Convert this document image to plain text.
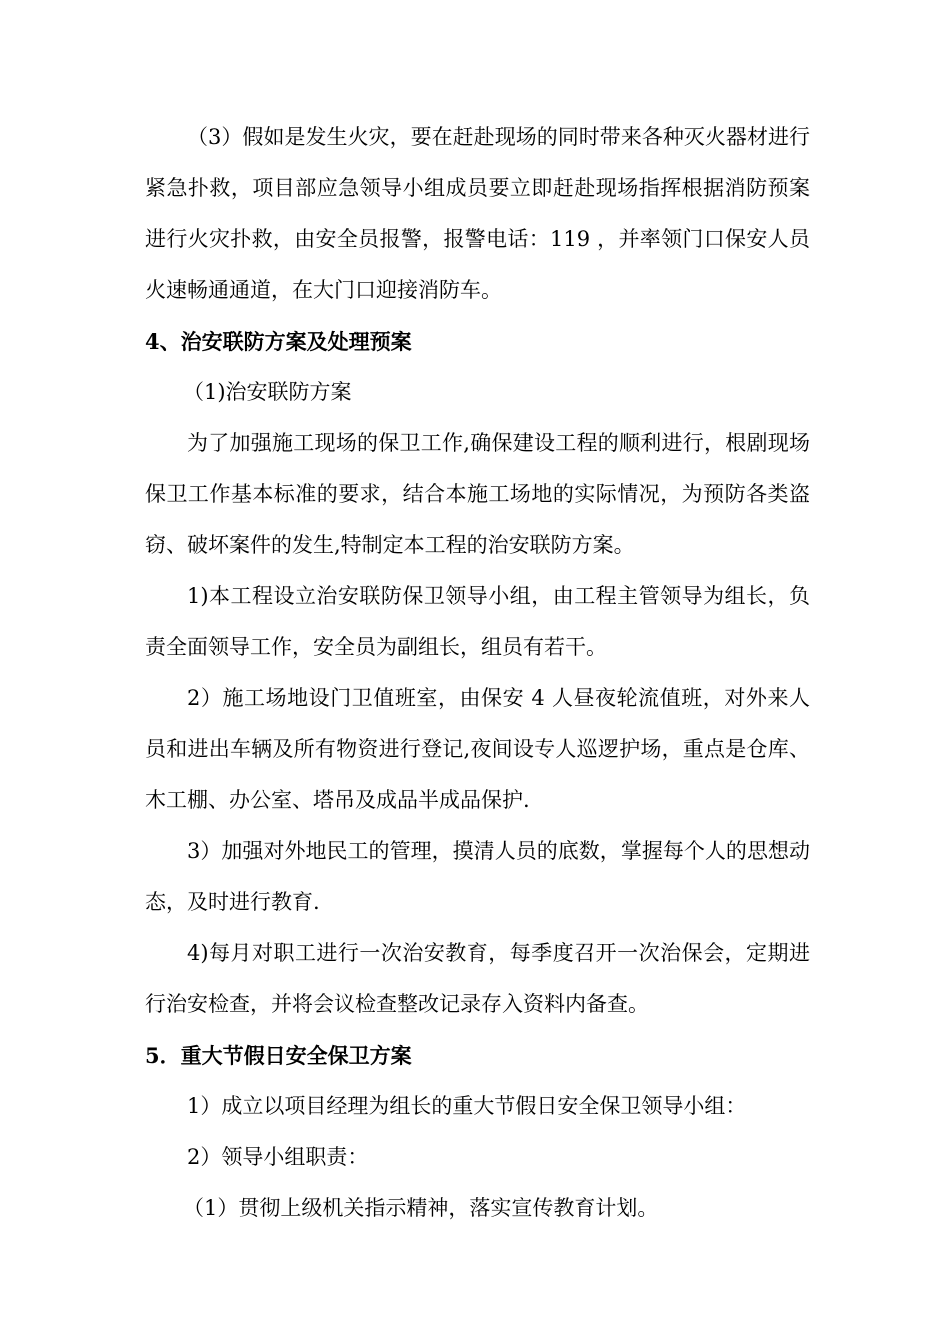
（3）假如是发生火灾，要在赶赴现场的同时带来各种灭火器材进行紧急扑救，项目部应急领导小组成员要立即赶赴现场指挥根据消防预案进行火灾扑救，由安全员报警，报警电话：119 ，并率领门口保安人员火速畅通通道，在大门口迎接消防车。

4、治安联防方案及处理预案

（1)治安联防方案

为了加强施工现场的保卫工作,确保建设工程的顺利进行，根剧现场保卫工作基本标准的要求，结合本施工场地的实际情况，为预防各类盗窃、破坏案件的发生,特制定本工程的治安联防方案。

1)本工程设立治安联防保卫领导小组，由工程主管领导为组长，负责全面领导工作，安全员为副组长，组员有若干。

2）施工场地设门卫值班室，由保安 4 人昼夜轮流值班，对外来人员和进出车辆及所有物资进行登记,夜间设专人巡逻护场，重点是仓库、木工棚、办公室、塔吊及成品半成品保护.

3）加强对外地民工的管理，摸清人员的底数，掌握每个人的思想动态，及时进行教育.

4)每月对职工进行一次治安教育，每季度召开一次治保会，定期进行治安检查，并将会议检查整改记录存入资料内备查。

5．重大节假日安全保卫方案

1）成立以项目经理为组长的重大节假日安全保卫领导小组：

2）领导小组职责：

（1）贯彻上级机关指示精神，落实宣传教育计划。
